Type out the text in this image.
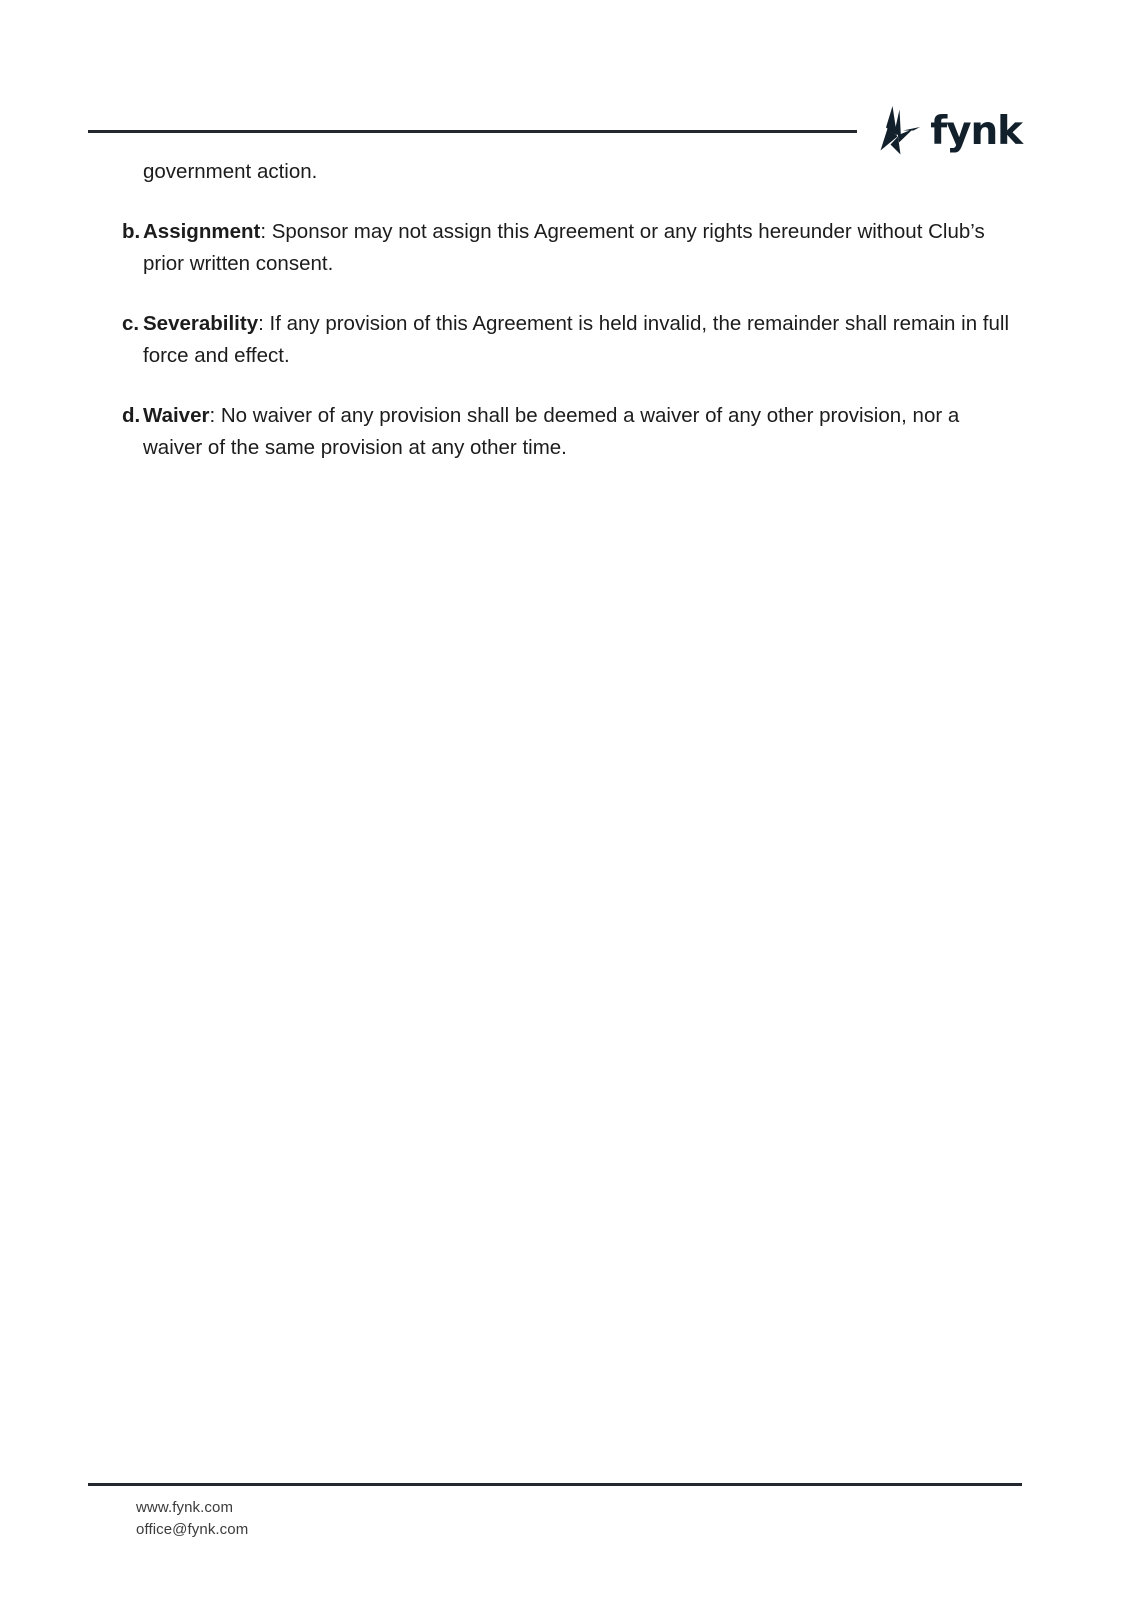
fynk

government action.

b. Assignment: Sponsor may not assign this Agreement or any rights hereunder without Club’s prior written consent.
c. Severability: If any provision of this Agreement is held invalid, the remainder shall remain in full force and effect.
d. Waiver: No waiver of any provision shall be deemed a waiver of any other provision, nor a waiver of the same provision at any other time.
www.fynk.com
office@fynk.com
